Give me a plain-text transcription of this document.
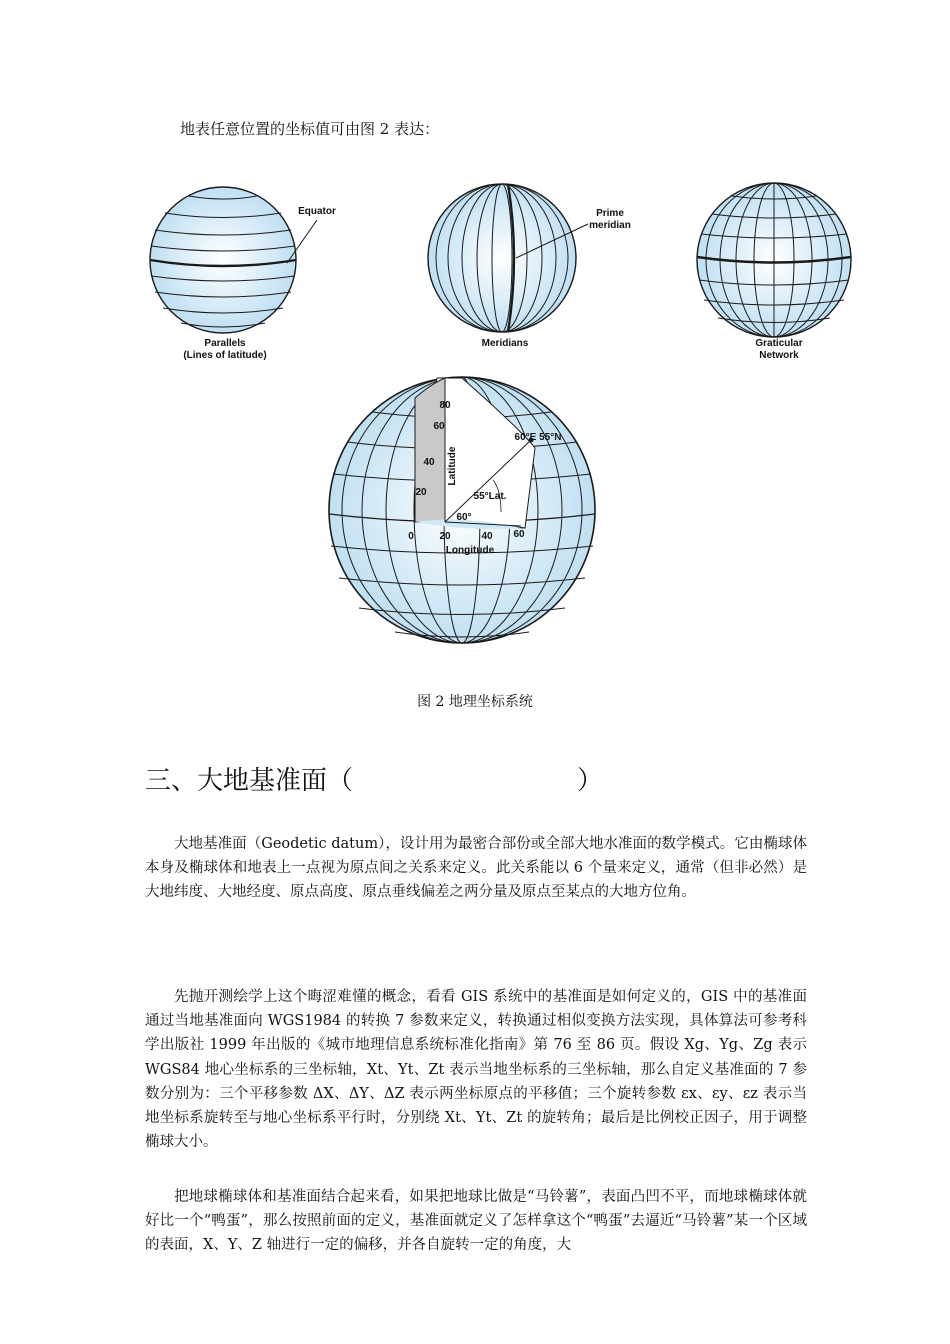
地表任意位置的坐标值可由图 2 表达：
Equator
Parallels
(Lines of latitude)
Prime
meridian
Meridians	Graticular
Network
80
60
40
20
Latitude
60°E 55°N
55°Lat.
60°
0	20	40	60
Longitude
图 2 地理坐标系统
三、大地基准面（	）

大地基准面（Geodetic datum），设计用为最密合部份或全部大地水准面的数学模式。它由椭球体本身及椭球体和地表上一点视为原点间之关系来定义。此关系能以 6 个量来定义，通常（但非必然）是大地纬度、大地经度、原点高度、原点垂线偏差之两分量及原点至某点的大地方位角。

先抛开测绘学上这个晦涩难懂的概念，看看 GIS 系统中的基准面是如何定义的，GIS 中的基准面通过当地基准面向 WGS1984 的转换 7 参数来定义，转换通过相似变换方法实现，具体算法可参考科学出版社 1999 年出版的《城市地理信息系统标准化指南》第 76 至 86 页。假设 Xg、Yg、Zg 表示 WGS84 地心坐标系的三坐标轴，Xt、Yt、Zt 表示当地坐标系的三坐标轴，那么自定义基准面的 7 参数分别为：三个平移参数 ΔX、ΔY、ΔZ 表示两坐标原点的平移值；三个旋转参数 εx、εy、εz 表示当地坐标系旋转至与地心坐标系平行时，分别绕 Xt、Yt、Zt 的旋转角；最后是比例校正因子，用于调整椭球大小。

把地球椭球体和基准面结合起来看，如果把地球比做是“马铃薯”，表面凸凹不平，而地球椭球体就好比一个“鸭蛋”，那么按照前面的定义，基准面就定义了怎样拿这个“鸭蛋”去逼近“马铃薯”某一个区域的表面，X、Y、Z 轴进行一定的偏移，并各自旋转一定的角度，大
